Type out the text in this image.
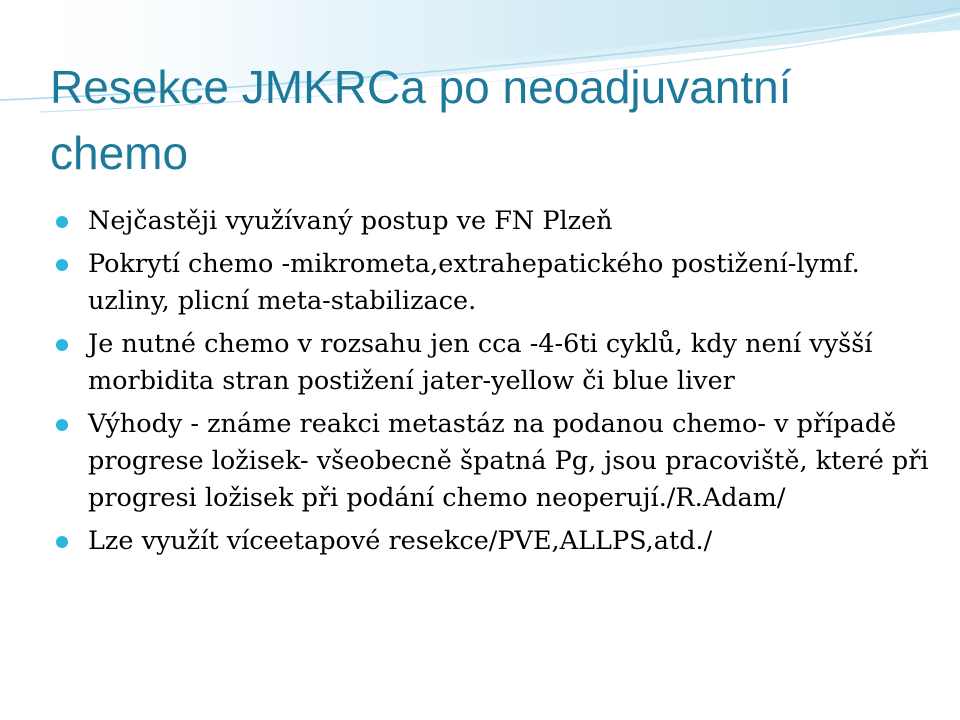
Resekce JMKRCa po neoadjuvantní chemo
Nejčastěji využívaný postup ve FN Plzeň
Pokrytí chemo -mikrometa,extrahepatického postižení-lymf. uzliny, plicní meta-stabilizace.
Je nutné chemo v rozsahu jen cca -4-6ti cyklů, kdy není vyšší morbidita stran postižení jater-yellow či blue liver
Výhody - známe reakci metastáz na podanou chemo- v případě progrese ložisek- všeobecně špatná Pg, jsou pracoviště, které při progresi ložisek při podání chemo neoperují./R.Adam/
Lze využít víceetapové resekce/PVE,ALLPS,atd./
